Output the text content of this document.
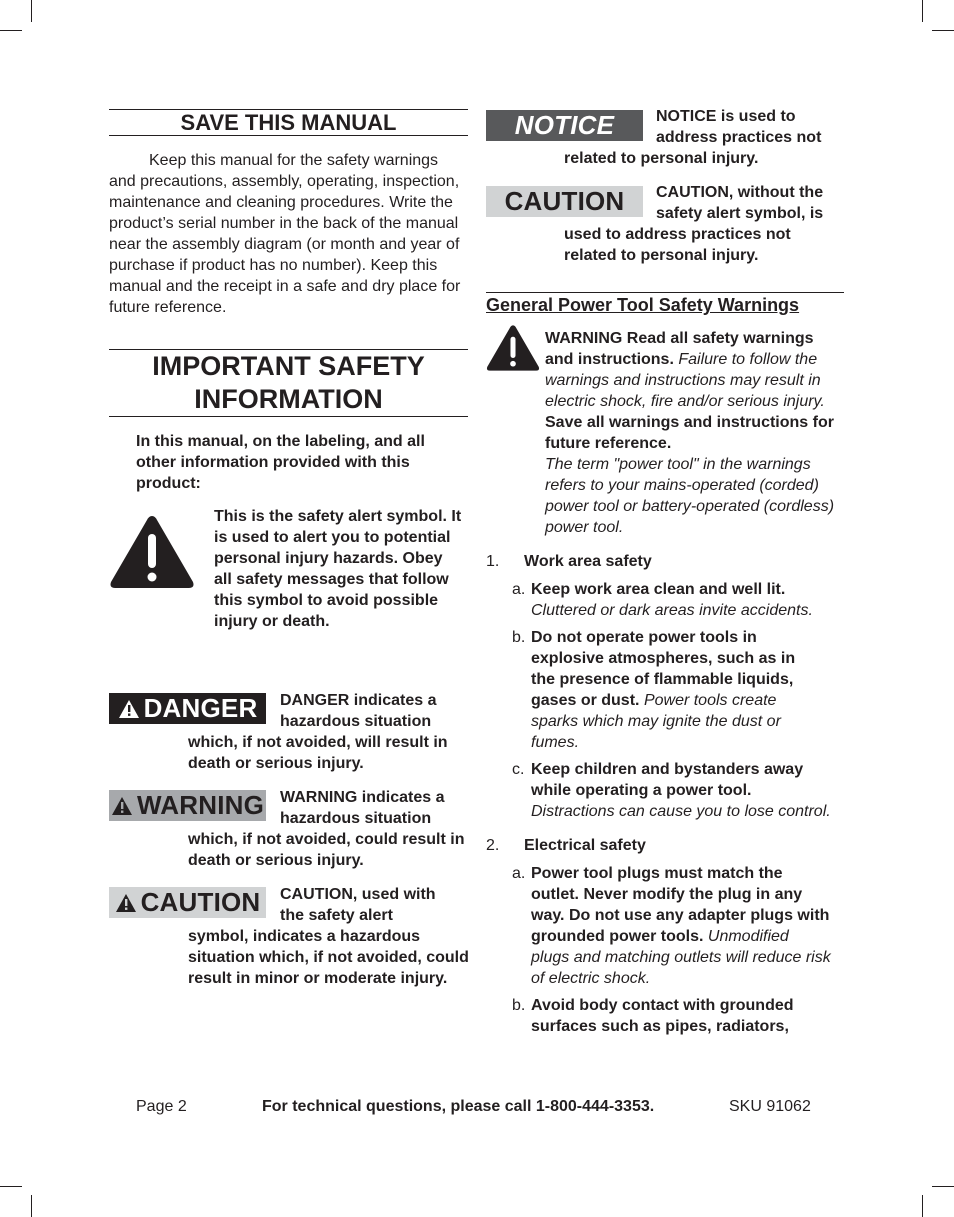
SAVE THIS MANUAL
Keep this manual for the safety warnings and precautions, assembly, operating, inspection, maintenance and cleaning procedures. Write the product’s serial number in the back of the manual near the assembly diagram (or month and year of purchase if product has no number). Keep this manual and the receipt in a safe and dry place for future reference.
IMPORTANT SAFETY
INFORMATION
In this manual, on the labeling, and all other information provided with this product:
This is the safety alert symbol. It is used to alert you to potential personal injury hazards. Obey all safety messages that follow this symbol to avoid possible injury or death.
DANGER DANGER indicates a hazardous situation
which, if not avoided, will result in death or serious injury.
WARNING WARNING indicates a hazardous situation
which, if not avoided, could result in death or serious injury.
CAUTION CAUTION, used with the safety alert
symbol, indicates a hazardous situation which, if not avoided, could result in minor or moderate injury.
NOTICE	NOTICE is used to address practices not
related to personal injury.
CAUTION CAUTION, without the safety alert symbol, is
used to address practices not related to personal injury.
General Power Tool Safety Warnings
WARNING Read all safety warnings and instructions. Failure to follow the warnings and instructions may result in electric shock, fire and/or serious injury.
Save all warnings and instructions for future reference.
The term "power tool" in the warnings refers to your mains-operated (corded) power tool or battery-operated (cordless) power tool.
1. Work area safety
a. Keep work area clean and well lit.
Cluttered or dark areas invite accidents.
b. Do not operate power tools in explosive atmospheres, such as in the presence of flammable liquids, gases or dust. Power tools create sparks which may ignite the dust or fumes.
c. Keep children and bystanders away while operating a power tool. Distractions can cause you to lose control.
2. Electrical safety
a. Power tool plugs must match the outlet. Never modify the plug in any way. Do not use any adapter plugs with grounded power tools. Unmodified plugs and matching outlets will reduce risk of electric shock.
b. Avoid body contact with grounded surfaces such as pipes, radiators,
Page 2	For technical questions, please call 1-800-444-3353.	SKU 91062
